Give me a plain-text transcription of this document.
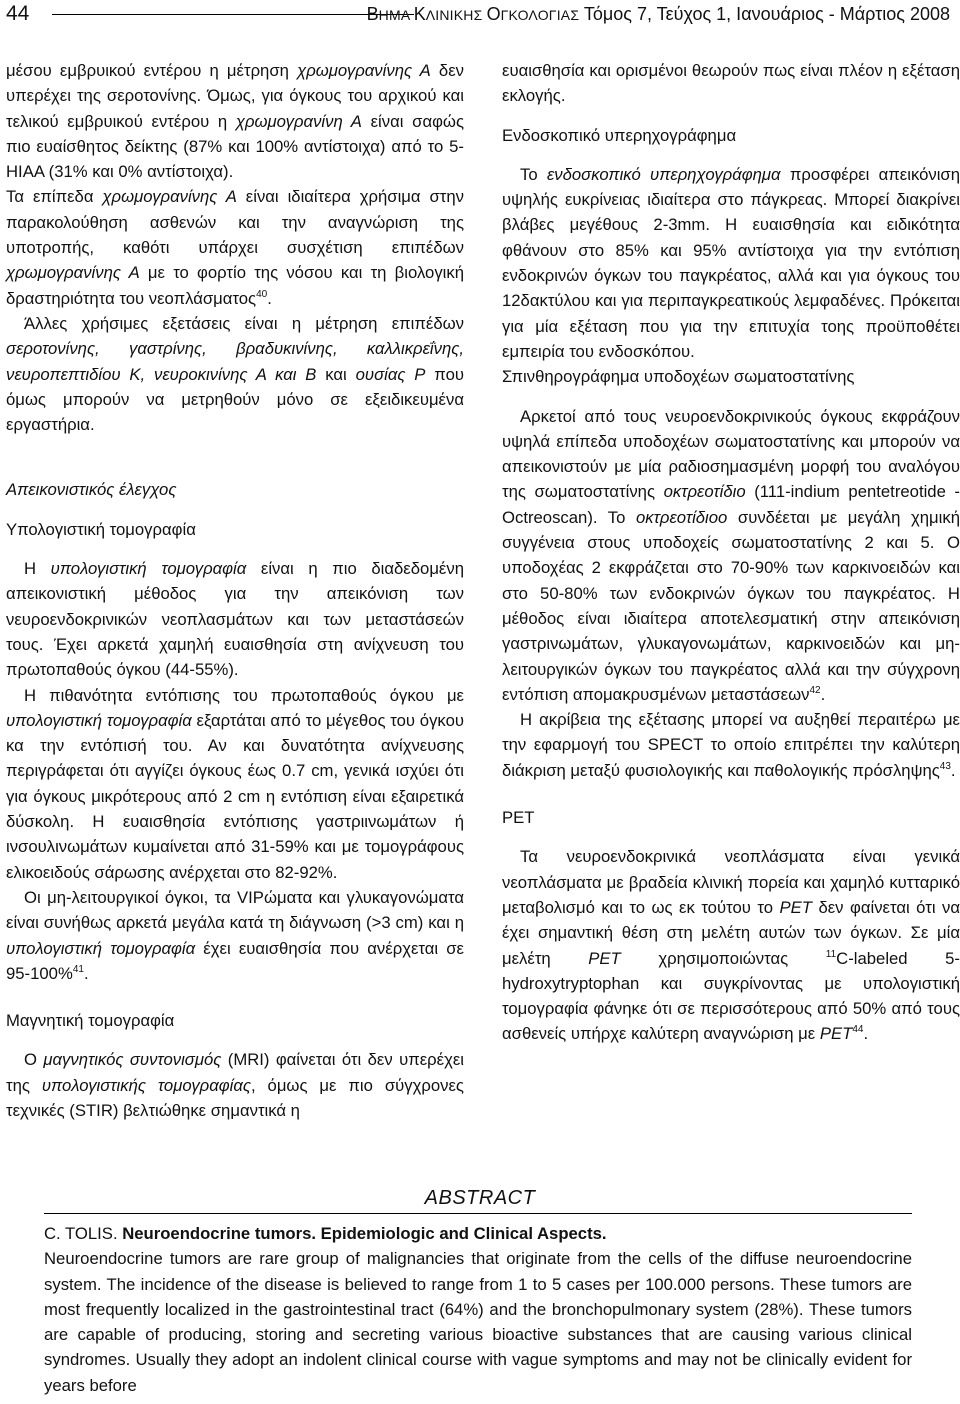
44	ΒΗΜΑ ΚΛΙΝΙΚΗΣ ΟΓΚΟΛΟΓΙΑΣ Τόμος 7, Τεύχος 1, Ιανουάριος - Μάρτιος 2008

μέσου εμβρυικού εντέρου η μέτρηση χρωμογρανίνης Α δεν υπερέχει της σεροτονίνης. Όμως, για όγκους του αρχικού και τελικού εμβρυικού εντέρου η χρωμογρανίνη Α είναι σαφώς πιο ευαίσθητος δείκτης (87% και 100% αντίστοιχα) από το 5-HIAA (31% και 0% αντίστοιχα).

Τα επίπεδα χρωμογρανίνης Α είναι ιδιαίτερα χρήσιμα στην παρακολούθηση ασθενών και την αναγνώριση της υποτροπής, καθότι υπάρχει συσχέτιση επιπέδων χρωμογρανίνης Α με το φορτίο της νόσου και τη βιολογική δραστηριότητα του νεοπλάσματος$^{40}$.

Άλλες χρήσιμες εξετάσεις είναι η μέτρηση επιπέδων σεροτονίνης, γαστρίνης, βραδυκινίνης, καλλικρεΐνης, νευροπεπτιδίου Κ, νευροκινίνης Α και Β και ουσίας Ρ που όμως μπορούν να μετρηθούν μόνο σε εξειδικευμένα εργαστήρια.

Απεικονιστικός έλεγχος

Υπολογιστική τομογραφία

Η υπολογιστική τομογραφία είναι η πιο διαδεδομένη απεικονιστική μέθοδος για την απεικόνιση των νευροενδοκρινικών νεοπλασμάτων και των μεταστάσεών τους. Έχει αρκετά χαμηλή ευαισθησία στη ανίχνευση του πρωτοπαθούς όγκου (44-55%).

Η πιθανότητα εντόπισης του πρωτοπαθούς όγκου με υπολογιστική τομογραφία εξαρτάται από το μέγεθος του όγκου κα την εντόπισή του. Αν και δυνατότητα ανίχνευσης περιγράφεται ότι αγγίζει όγκους έως 0.7 cm, γενικά ισχύει ότι για όγκους μικρότερους από 2 cm η εντόπιση είναι εξαιρετικά δύσκολη. Η ευαισθησία εντόπισης γαστριινωμάτων ή ινσουλινωμάτων κυμαίνεται από 31-59% και με τομογράφους ελικοειδούς σάρωσης ανέρχεται στο 82-92%.

Οι μη-λειτουργικοί όγκοι, τα VIPώματα και γλυκαγονώματα είναι συνήθως αρκετά μεγάλα κατά τη διάγνωση (>3 cm) και η υπολογιστική τομογραφία έχει ευαισθησία που ανέρχεται σε 95-100%$^{41}$.

Μαγνητική τομογραφία

Ο μαγνητικός συντονισμός (MRI) φαίνεται ότι δεν υπερέχει της υπολογιστικής τομογραφίας, όμως με πιο σύγχρονες τεχνικές (STIR) βελτιώθηκε σημαντικά η

ευαισθησία και ορισμένοι θεωρούν πως είναι πλέον η εξέταση εκλογής.

Ενδοσκοπικό υπερηχογράφημα

Το ενδοσκοπικό υπερηχογράφημα προσφέρει απεικόνιση υψηλής ευκρίνειας ιδιαίτερα στο πάγκρεας. Μπορεί διακρίνει βλάβες μεγέθους 2-3mm. Η ευαισθησία και ειδικότητα φθάνουν στο 85% και 95% αντίστοιχα για την εντόπιση ενδοκρινών όγκων του παγκρέατος, αλλά και για όγκους του 12δακτύλου και για περιπαγκρεατικούς λεμφαδένες. Πρόκειται για μία εξέταση που για την επιτυχία τοης προϋποθέτει εμπειρία του ενδοσκόπου.

Σπινθηρογράφημα υποδοχέων σωματοστατίνης

Αρκετοί από τους νευροενδοκρινικούς όγκους εκφράζουν υψηλά επίπεδα υποδοχέων σωματοστατίνης και μπορούν να απεικονιστούν με μία ραδιοσημασμένη μορφή του αναλόγου της σωματοστατίνης οκτρεοτίδιο (111-indium pentetreotide - Octreoscan). Το οκτρεοτίδιοο συνδέεται με μεγάλη χημική συγγένεια στους υποδοχείς σωματοστατίνης 2 και 5. Ο υποδοχέας 2 εκφράζεται στο 70-90% των καρκινοειδών και στο 50-80% των ενδοκρινών όγκων του παγκρέατος. Η μέθοδος είναι ιδιαίτερα αποτελεσματική στην απεικόνιση γαστρινωμάτων, γλυκαγονωμάτων, καρκινοειδών και μη-λειτουργικών όγκων του παγκρέατος αλλά και την σύγχρονη εντόπιση απομακρυσμένων μεταστάσεων$^{42}$.

Η ακρίβεια της εξέτασης μπορεί να αυξηθεί περαιτέρω με την εφαρμογή του SPECT το οποίο επιτρέπει την καλύτερη διάκριση μεταξύ φυσιολογικής και παθολογικής πρόσληψης$^{43}$.

PET

Τα νευροενδοκρινικά νεοπλάσματα είναι γενικά νεοπλάσματα με βραδεία κλινική πορεία και χαμηλό κυτταρικό μεταβολισμό και το ως εκ τούτου το PET δεν φαίνεται ότι να έχει σημαντική θέση στη μελέτη αυτών των όγκων. Σε μία μελέτη PET χρησιμοποιώντας $^{11}$C-labeled 5-hydroxytryptophan και συγκρίνοντας με υπολογιστική τομογραφία φάνηκε ότι σε περισσότερους από 50% από τους ασθενείς υπήρχε καλύτερη αναγνώριση με PET$^{44}$.

ABSTRACT

C. TOLIS. Neuroendocrine tumors. Epidemiologic and Clinical Aspects.

Neuroendocrine tumors are rare group of malignancies that originate from the cells of the diffuse neuroendocrine system. The incidence of the disease is believed to range from 1 to 5 cases per 100.000 persons. These tumors are most frequently localized in the gastrointestinal tract (64%) and the bronchopulmonary system (28%). These tumors are capable of producing, storing and secreting various bioactive substances that are causing various clinical syndromes. Usually they adopt an indolent clinical course with vague symptoms and may not be clinically evident for years before
